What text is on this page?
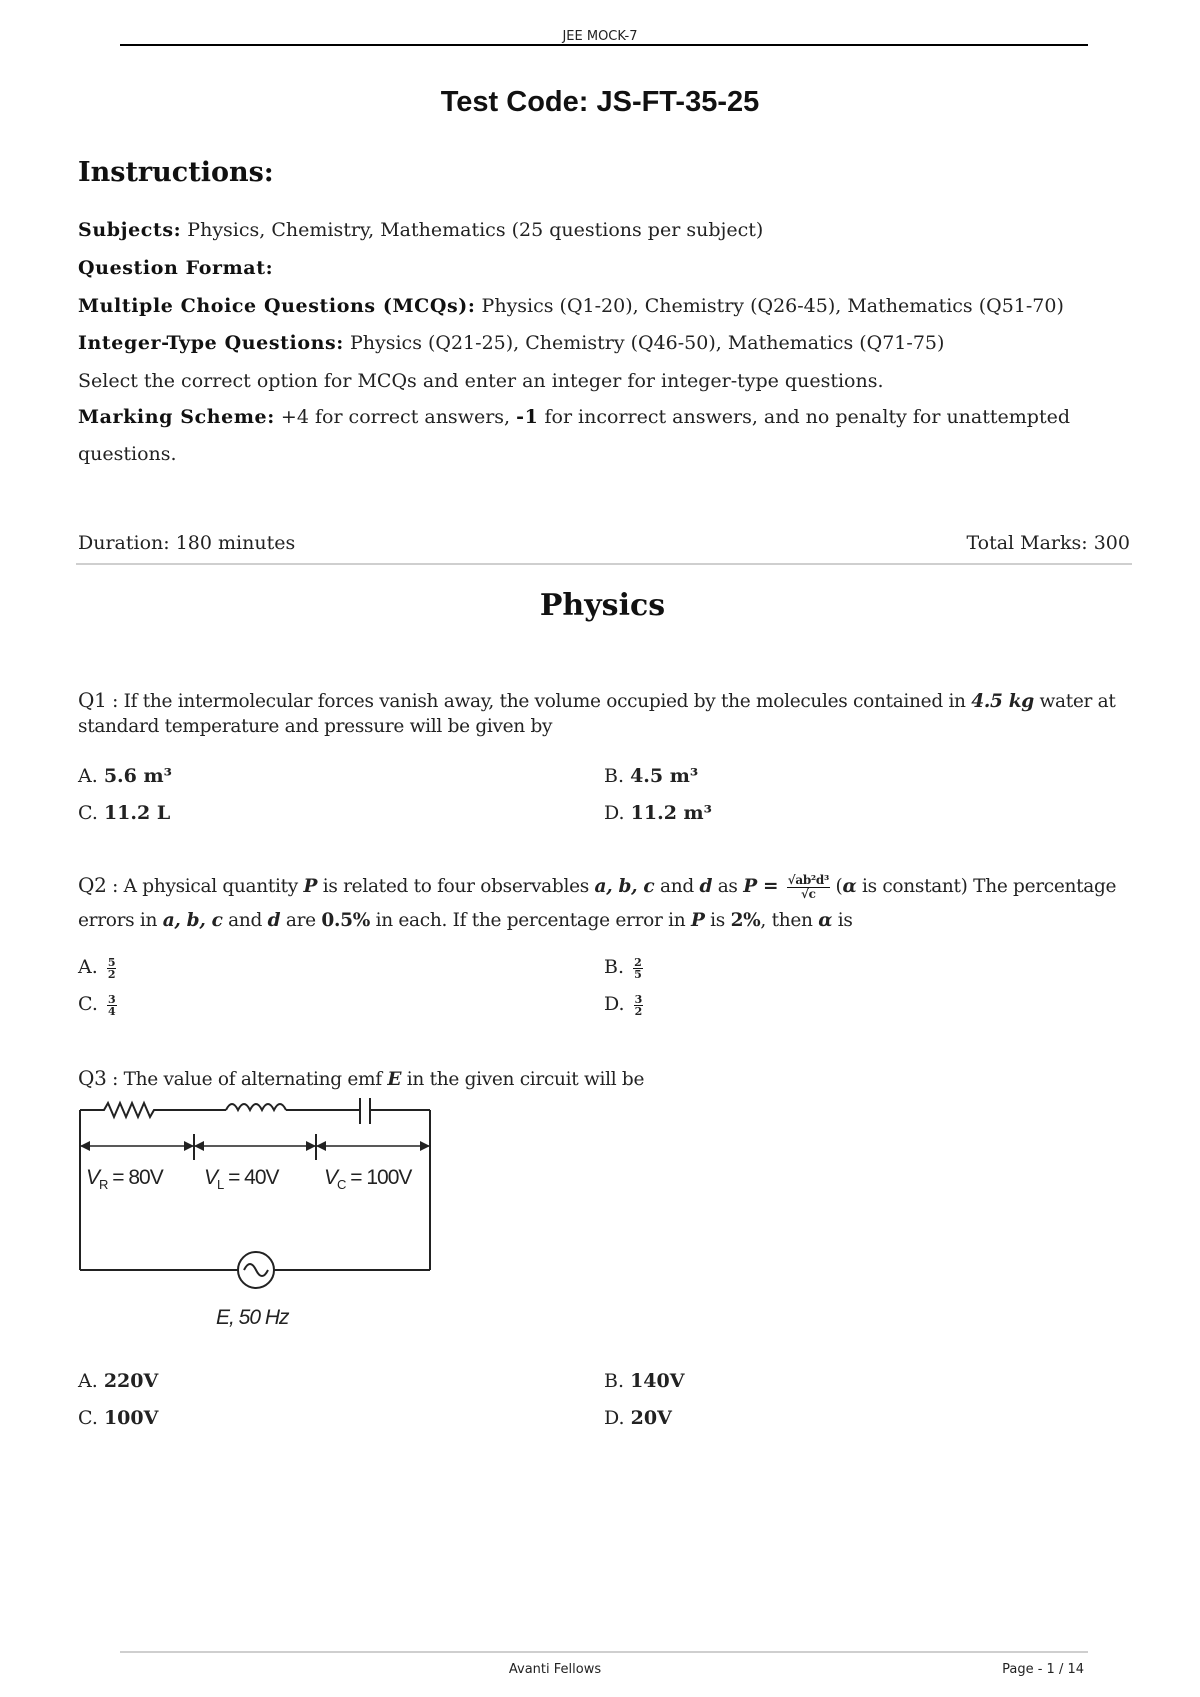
JEE MOCK-7
Test Code: JS-FT-35-25
Instructions:
Subjects: Physics, Chemistry, Mathematics (25 questions per subject)
Question Format:
Multiple Choice Questions (MCQs): Physics (Q1-20), Chemistry (Q26-45), Mathematics (Q51-70)
Integer-Type Questions: Physics (Q21-25), Chemistry (Q46-50), Mathematics (Q71-75)
Select the correct option for MCQs and enter an integer for integer-type questions.
Marking Scheme: +4 for correct answers, -1 for incorrect answers, and no penalty for unattempted questions.
Duration: 180 minutes	Total Marks: 300
Physics
Q1 : If the intermolecular forces vanish away, the volume occupied by the molecules contained in 4.5 kg water at standard temperature and pressure will be given by
A. 5.6 m³	B. 4.5 m³
C. 11.2 L	D. 11.2 m³
Q2 : A physical quantity P is related to four observables a, b, c and d as $P = \frac{\text{√ab²d³}}{√c} (\alpha$ is constant) The percentage errors in a, b, c and d are 0.5% in each. If the percentage error in P is 2%, then α is
A. $\frac{5}{2}$	B. $\frac{2}{5}$
C. $\frac{3}{4}$	D. $\frac{3}{2}$
Q3 : The value of alternating emf E in the given circuit will be
$V_R = 80V$ $V_L = 40V$ $V_C = 100V$
E, 50 Hz
A. 220V	B. 140V
C. 100V	D. 20V
Avanti Fellows	Page - 1 / 14
